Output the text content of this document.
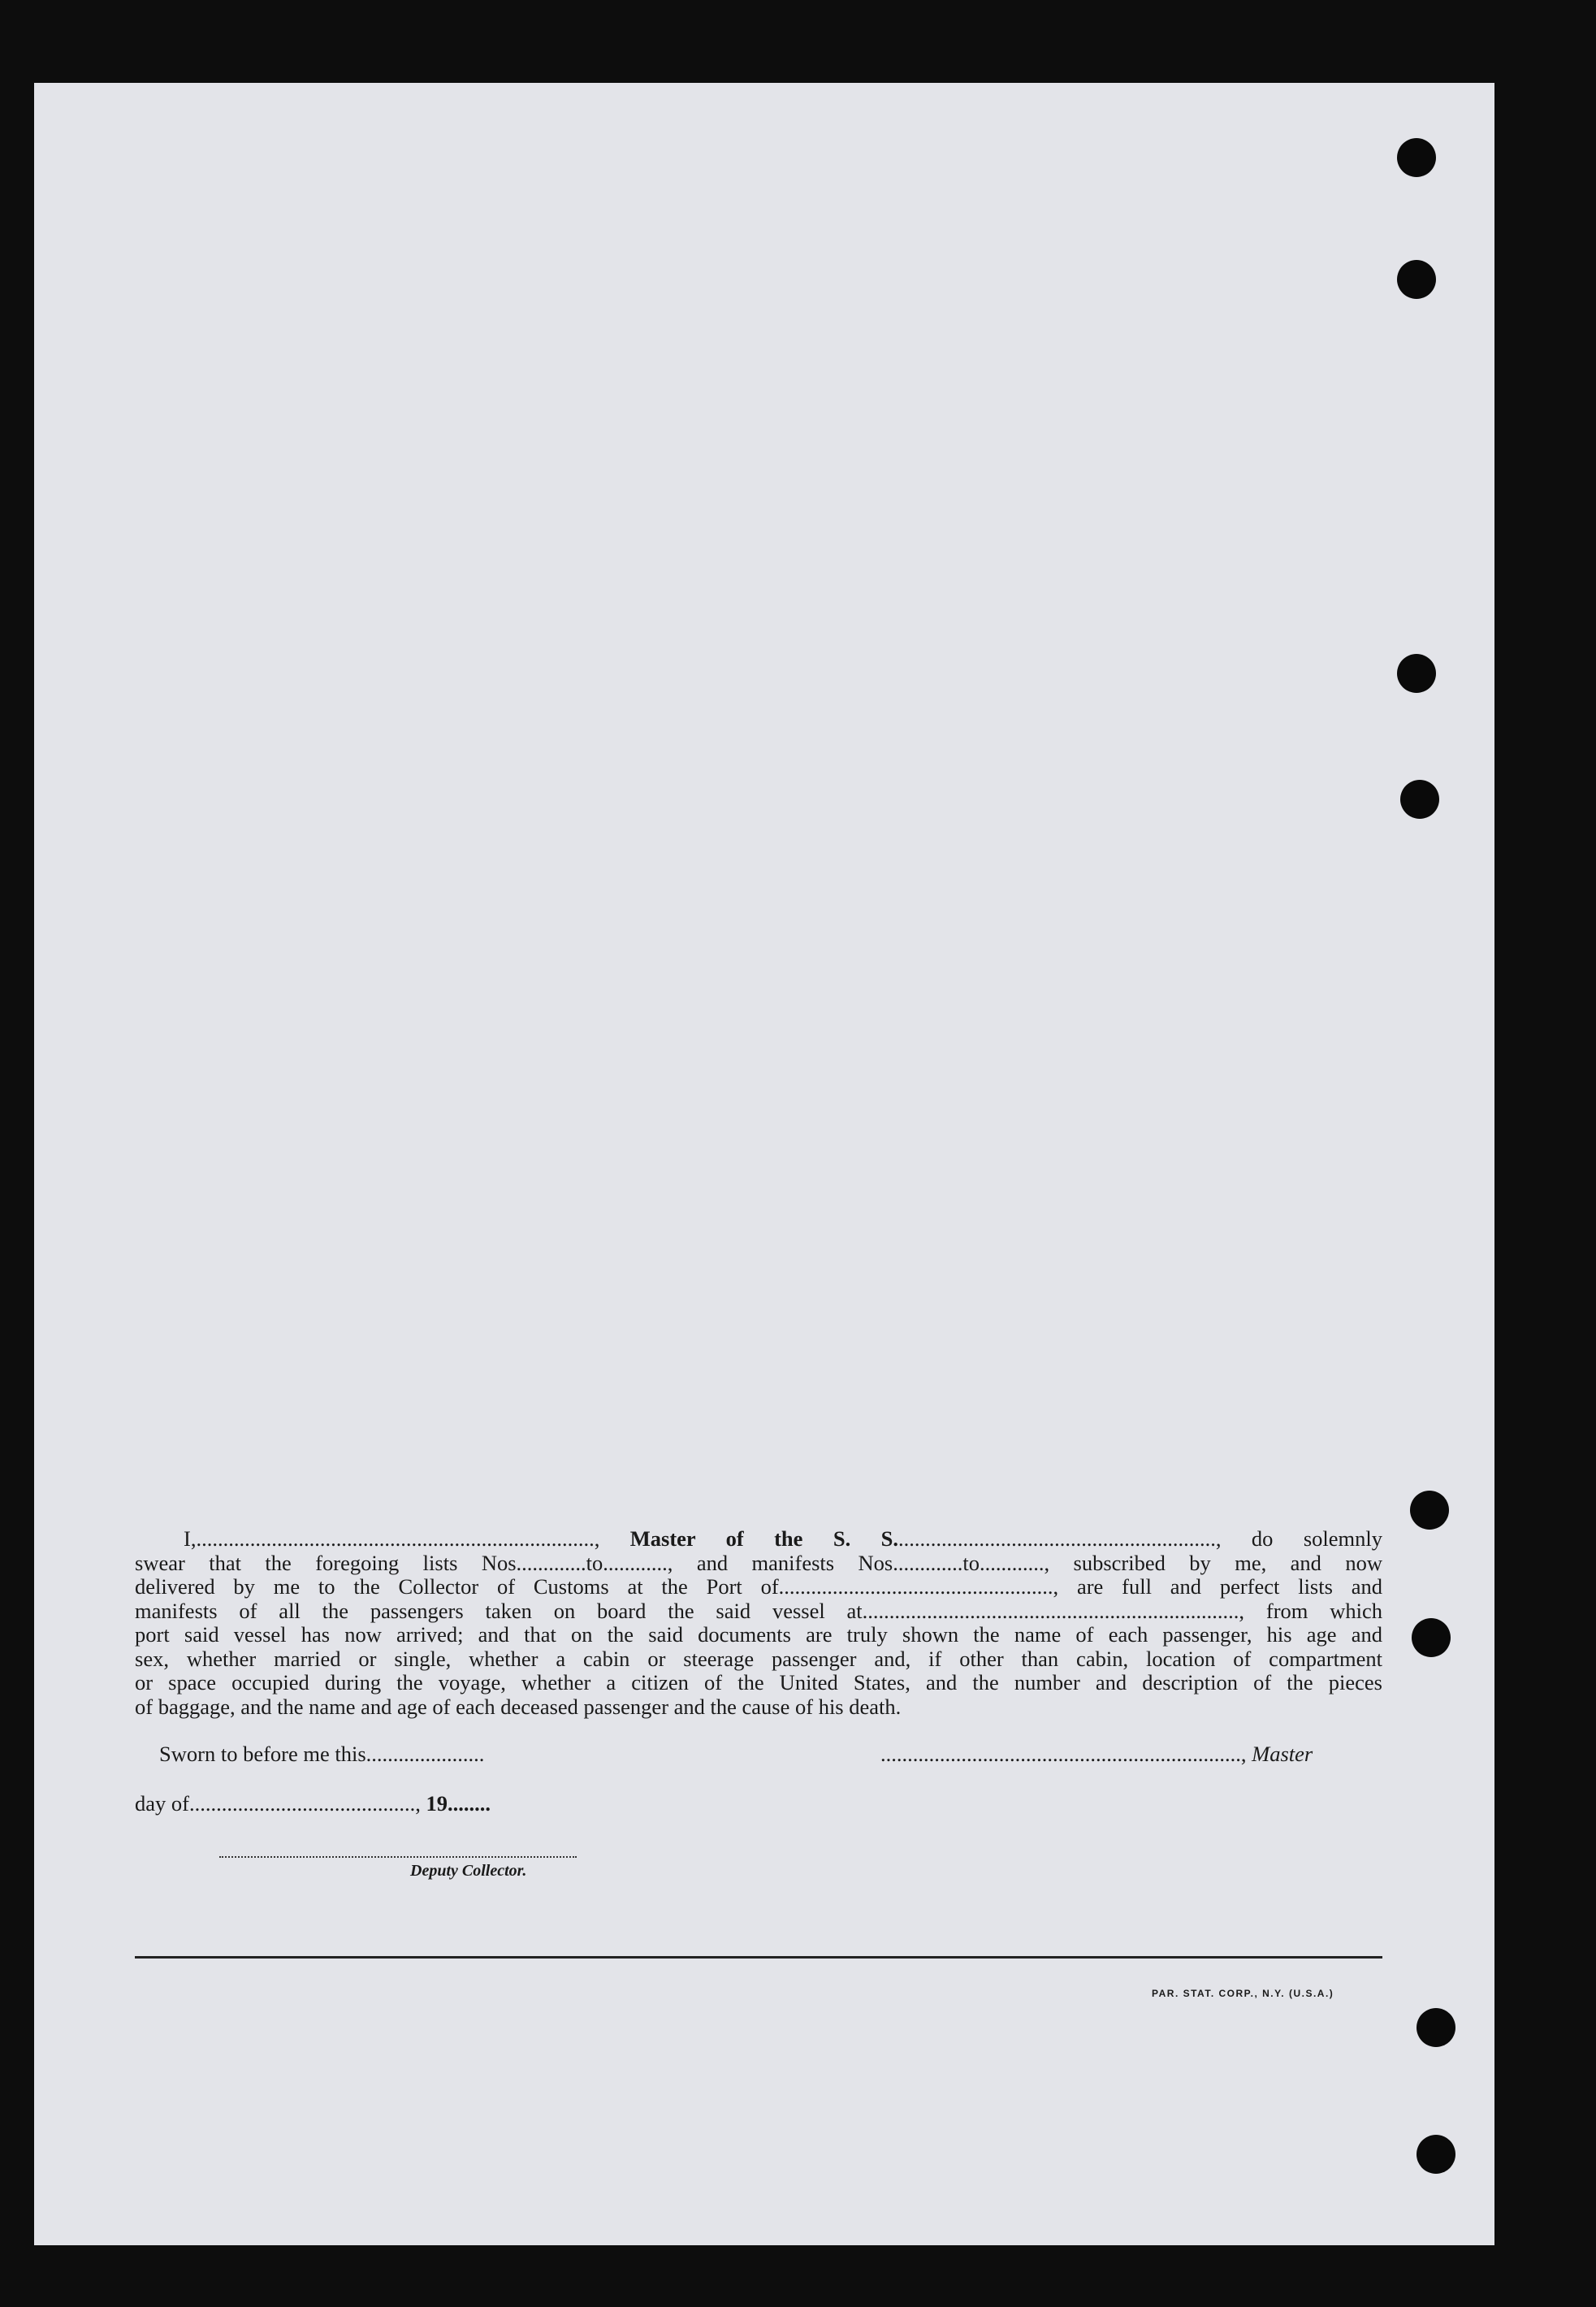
I,.........................................................................., Master of the S. S............................................................, do solemnly
swear that the foregoing lists Nos.............to............, and manifests Nos.............to............, subscribed by me, and now
delivered by me to the Collector of Customs at the Port of..................................................., are full and perfect lists and
manifests of all the passengers taken on board the said vessel at......................................................................, from which
port said vessel has now arrived; and that on the said documents are truly shown the name of each passenger, his age and
sex, whether married or single, whether a cabin or steerage passenger and, if other than cabin, location of compartment
or space occupied during the voyage, whether a citizen of the United States, and the number and description of the pieces
of baggage, and the name and age of each deceased passenger and the cause of his death.
Sworn to before me this......................	..................................................................., Master
day of.........................................., 19........
Deputy Collector.
PAR. STAT. CORP., N.Y. (U.S.A.)
